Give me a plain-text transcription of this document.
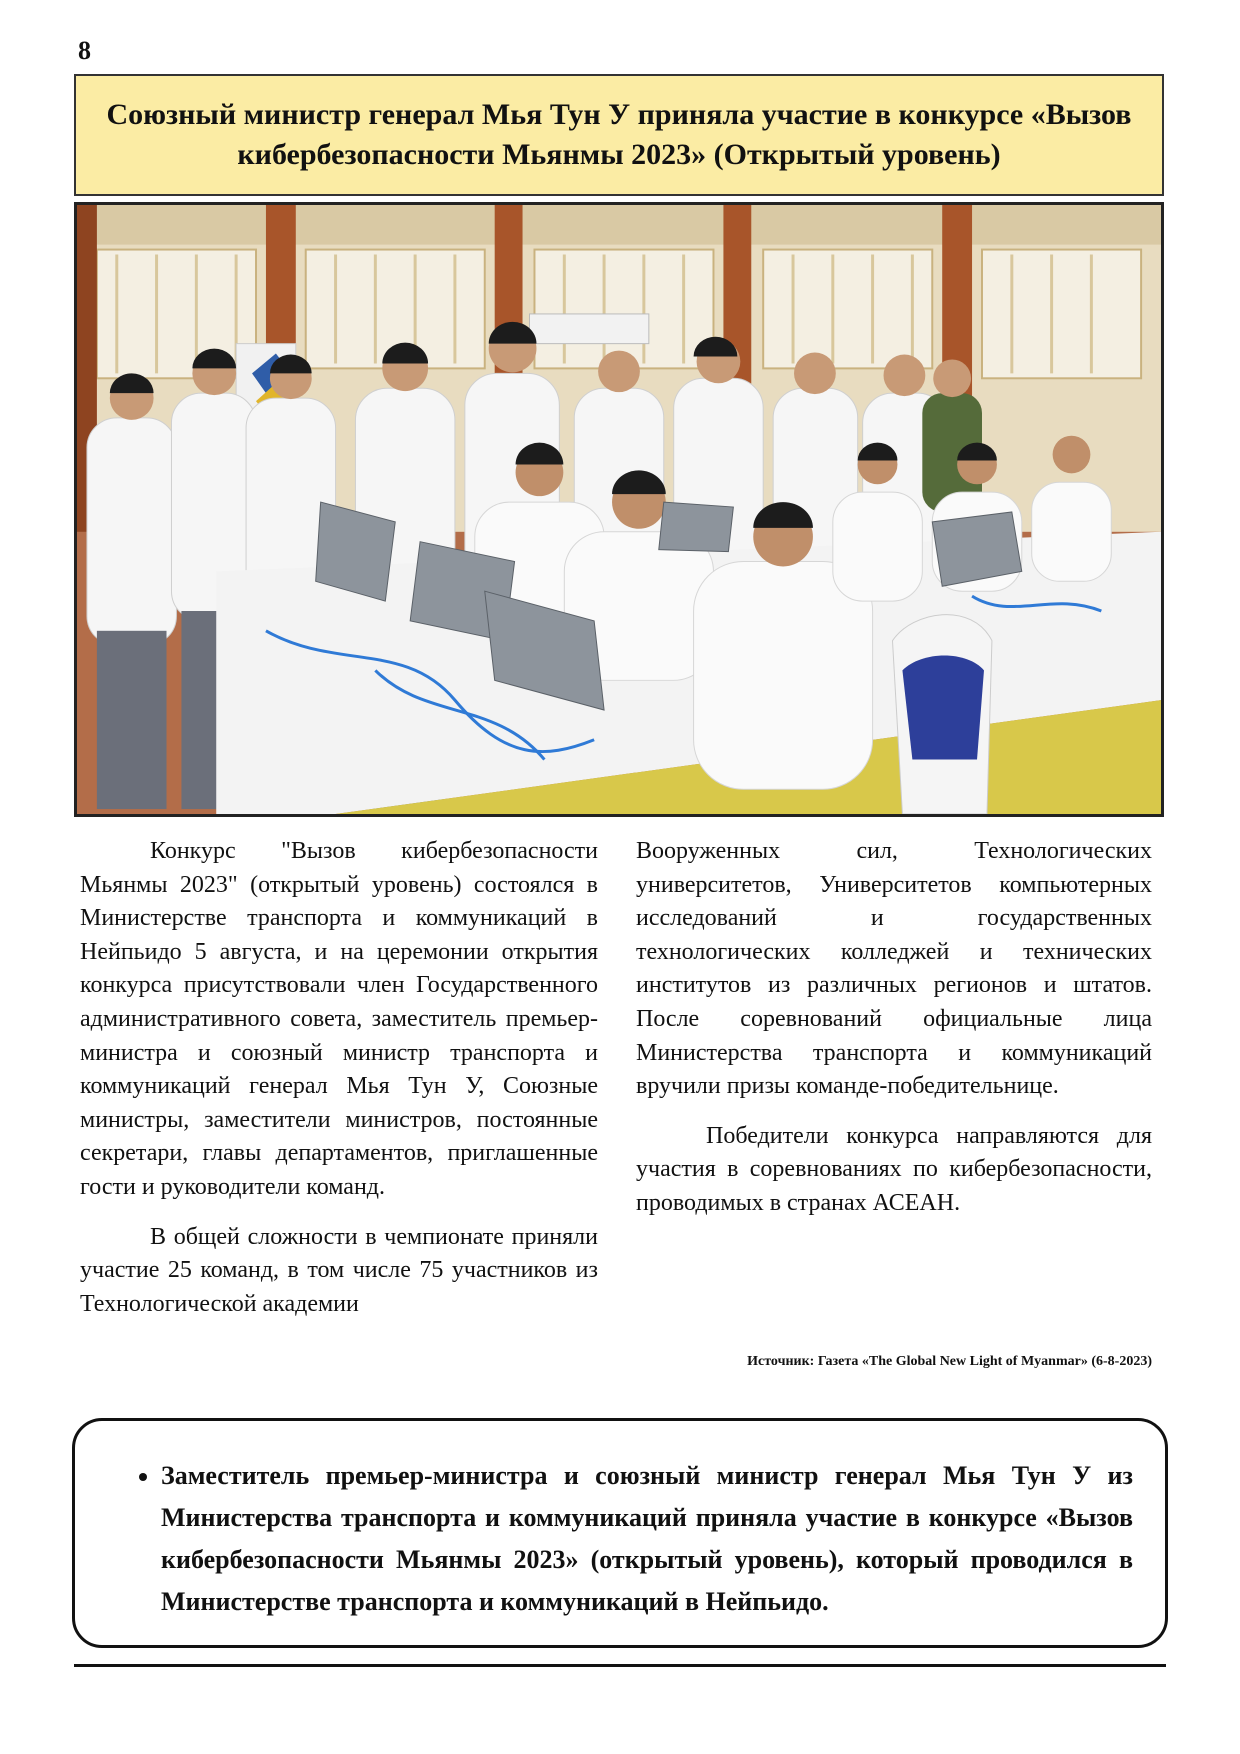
8
Союзный министр генерал Мья Тун У приняла участие в конкурсе «Вызов кибербезопасности Мьянмы 2023» (Открытый уровень)

Конкурс "Вызов кибербезопасности Мьянмы 2023" (открытый уровень) состоялся в Министерстве транспорта и коммуникаций в Нейпьидо 5 августа, и на церемонии открытия конкурса присутствовали член Государственного административного совета, заместитель премьер-министра и союзный министр транспорта и коммуникаций генерал Мья Тун У, Союзные министры, заместители министров, постоянные секретари, главы департаментов, приглашенные гости и руководители команд.

В общей сложности в чемпионате приняли участие 25 команд, в том числе 75 участников из Технологической академии

Вооруженных сил, Технологических университетов, Университетов компьютерных исследований и государственных технологических колледжей и технических институтов из различных регионов и штатов. После соревнований официальные лица Министерства транспорта и коммуникаций вручили призы команде-победительнице.

Победители конкурса направляются для участия в соревнованиях по кибербезопасности, проводимых в странах АСЕАН.

Источник: Газета «The Global New Light of Myanmar» (6-8-2023)
• Заместитель премьер-министра и союзный министр генерал Мья Тун У из Министерства транспорта и коммуникаций приняла участие в конкурсе «Вызов кибербезопасности Мьянмы 2023» (открытый уровень), который проводился в Министерстве транспорта и коммуникаций в Нейпьидо.
